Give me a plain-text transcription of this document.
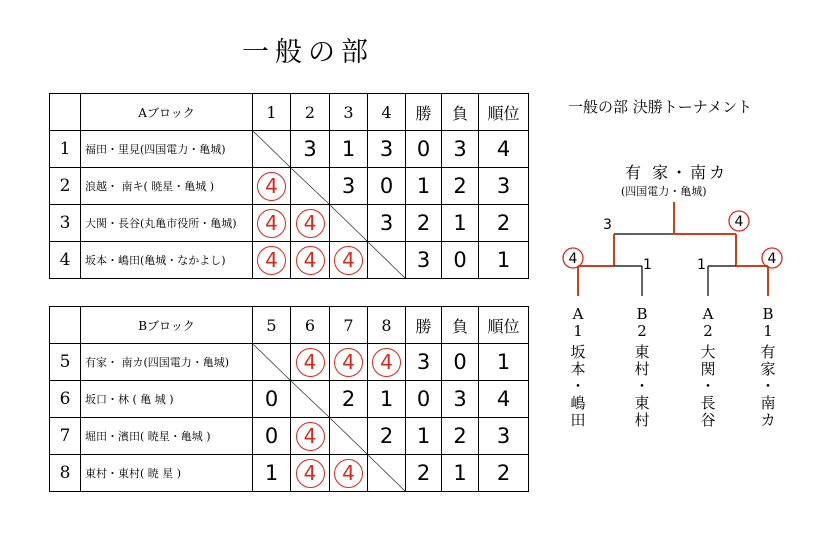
一般の部
	Aブロック	1	2	3	4	勝	負	順位
1	福田・里見(四国電力・亀城)		3	1	3	0	3	4
2	浪越・ 南キ( 暁星・亀城 )	4		3	0	1	2	3
3	大関・長谷(丸亀市役所・亀城)	4	4		3	2	1	2
4	坂本・嶋田(亀城・なかよし)	4	4	4		3	0	1
	Bブロック	5	6	7	8	勝	負	順位
5	有家・ 南カ(四国電力・亀城)		4	4	4	3	0	1
6	坂口・林 ( 亀 城 )	0		2	1	0	3	4
7	堀田・濱田( 暁星・亀城 )	0	4		2	1	2	3
8	東村・東村( 暁 星 )	1	4	4		2	1	2
一般の部 決勝トーナメント
有 家・南カ
(四国電力・亀城)
3	4
4	1	1	4
A
1
坂
本
・
嶋
田
B
2
東
村
・
東
村
A
2
大
関
・
長
谷
B
1
有
家
・
南
カ
